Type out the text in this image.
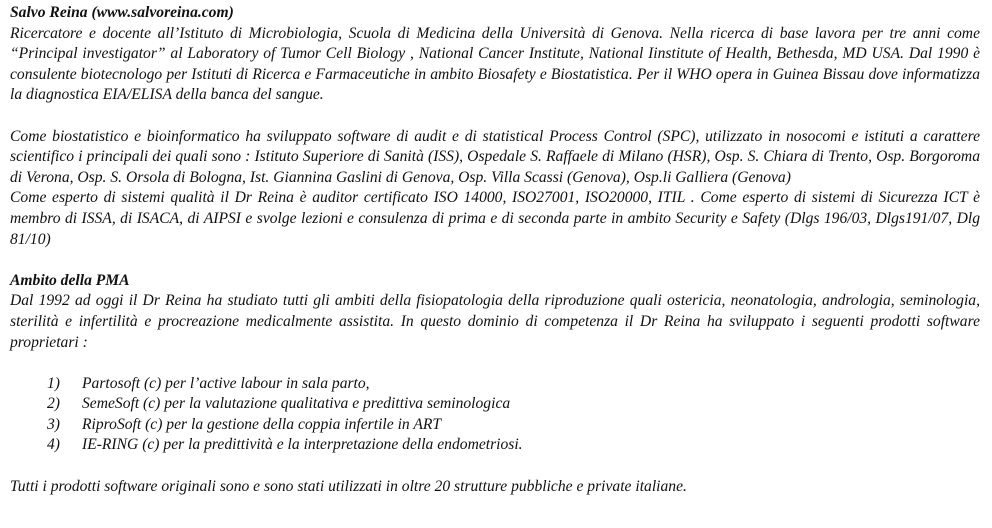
Salvo Reina (www.salvoreina.com)

Ricercatore e docente all’Istituto di Microbiologia, Scuola di Medicina della Università di Genova. Nella ricerca di base lavora per tre anni come “Principal investigator” al Laboratory of Tumor Cell Biology , National Cancer Institute, National Iinstitute of Health, Bethesda, MD USA. Dal 1990 è consulente biotecnologo per Istituti di Ricerca e Farmaceutiche in ambito Biosafety e Biostatistica. Per il WHO opera in Guinea Bissau dove informatizza la diagnostica EIA/ELISA della banca del sangue.

Come biostatistico e bioinformatico ha sviluppato software di audit e di statistical Process Control (SPC), utilizzato in nosocomi e istituti a carattere scientifico i principali dei quali sono : Istituto Superiore di Sanità (ISS), Ospedale S. Raffaele di Milano (HSR), Osp. S. Chiara di Trento, Osp. Borgoroma di Verona, Osp. S. Orsola di Bologna, Ist. Giannina Gaslini di Genova, Osp. Villa Scassi (Genova), Osp.li Galliera (Genova)

Come esperto di sistemi qualità il Dr Reina è auditor certificato ISO 14000, ISO27001, ISO20000, ITIL . Come esperto di sistemi di Sicurezza ICT è membro di ISSA, di ISACA, di AIPSI e svolge lezioni e consulenza di prima e di seconda parte in ambito Security e Safety (Dlgs 196/03, Dlgs191/07, Dlg 81/10)

Ambito della PMA

Dal 1992 ad oggi il Dr Reina ha studiato tutti gli ambiti della fisiopatologia della riproduzione quali ostericia, neonatologia, andrologia, seminologia, sterilità e infertilità e procreazione medicalmente assistita. In questo dominio di competenza il Dr Reina ha sviluppato i seguenti prodotti software proprietari :

1) Partosoft (c) per l’active labour in sala parto,
2) SemeSoft (c) per la valutazione qualitativa e predittiva seminologica
3) RiproSoft (c) per la gestione della coppia infertile in ART
4) IE-RING (c) per la predittività e la interpretazione della endometriosi.

Tutti i prodotti software originali sono e sono stati utilizzati in oltre 20 strutture pubbliche e private italiane.
